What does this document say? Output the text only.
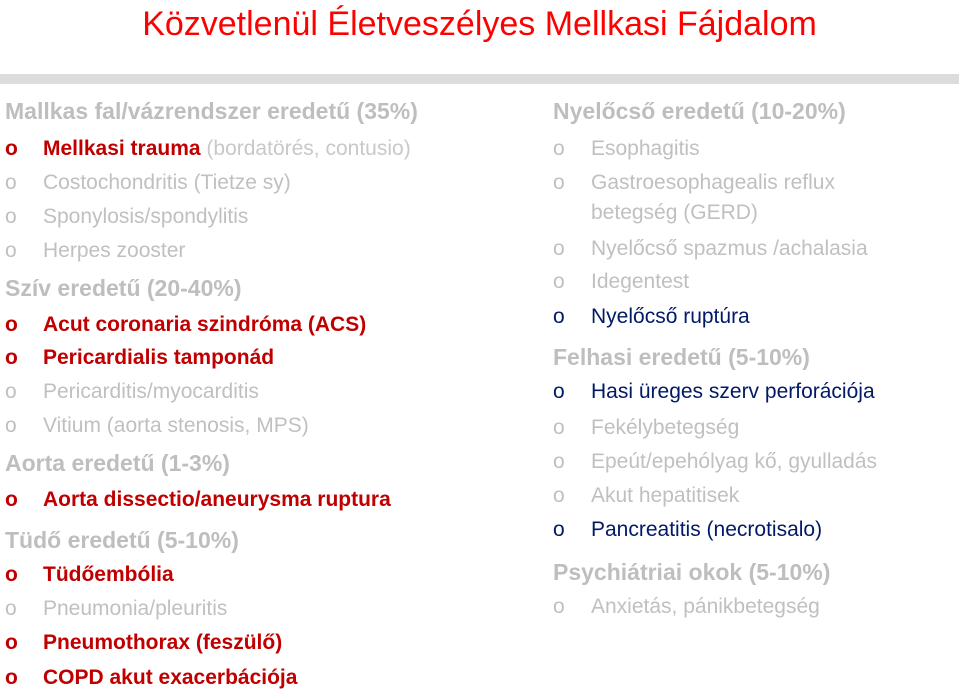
Közvetlenül Életveszélyes Mellkasi Fájdalom
Mallkas fal/vázrendszer eredetű (35%)
o Mellkasi trauma (bordatörés, contusio)
o Costochondritis (Tietze sy)
o Sponylosis/spondylitis
o Herpes zooster
Szív eredetű (20-40%)
o Acut coronaria szindróma (ACS)
o Pericardialis tamponád
o Pericarditis/myocarditis
o Vitium (aorta stenosis, MPS)
Aorta eredetű (1-3%)
o Aorta dissectio/aneurysma ruptura
Tüdő eredetű (5-10%)
o Tüdőembólia
o Pneumonia/pleuritis
o Pneumothorax (feszülő)
o COPD akut exacerbációja
Nyelőcső eredetű (10-20%)
o Esophagitis
o Gastroesophagealis reflux
betegség (GERD)
o Nyelőcső spazmus /achalasia
o Idegentest
o Nyelőcső ruptúra
Felhasi eredetű (5-10%)
o Hasi üreges szerv perforációja
o Fekélybetegség
o Epeút/epehólyag kő, gyulladás
o Akut hepatitisek
o Pancreatitis (necrotisalo)
Psychiátriai okok (5-10%)
o Anxietás, pánikbetegség
